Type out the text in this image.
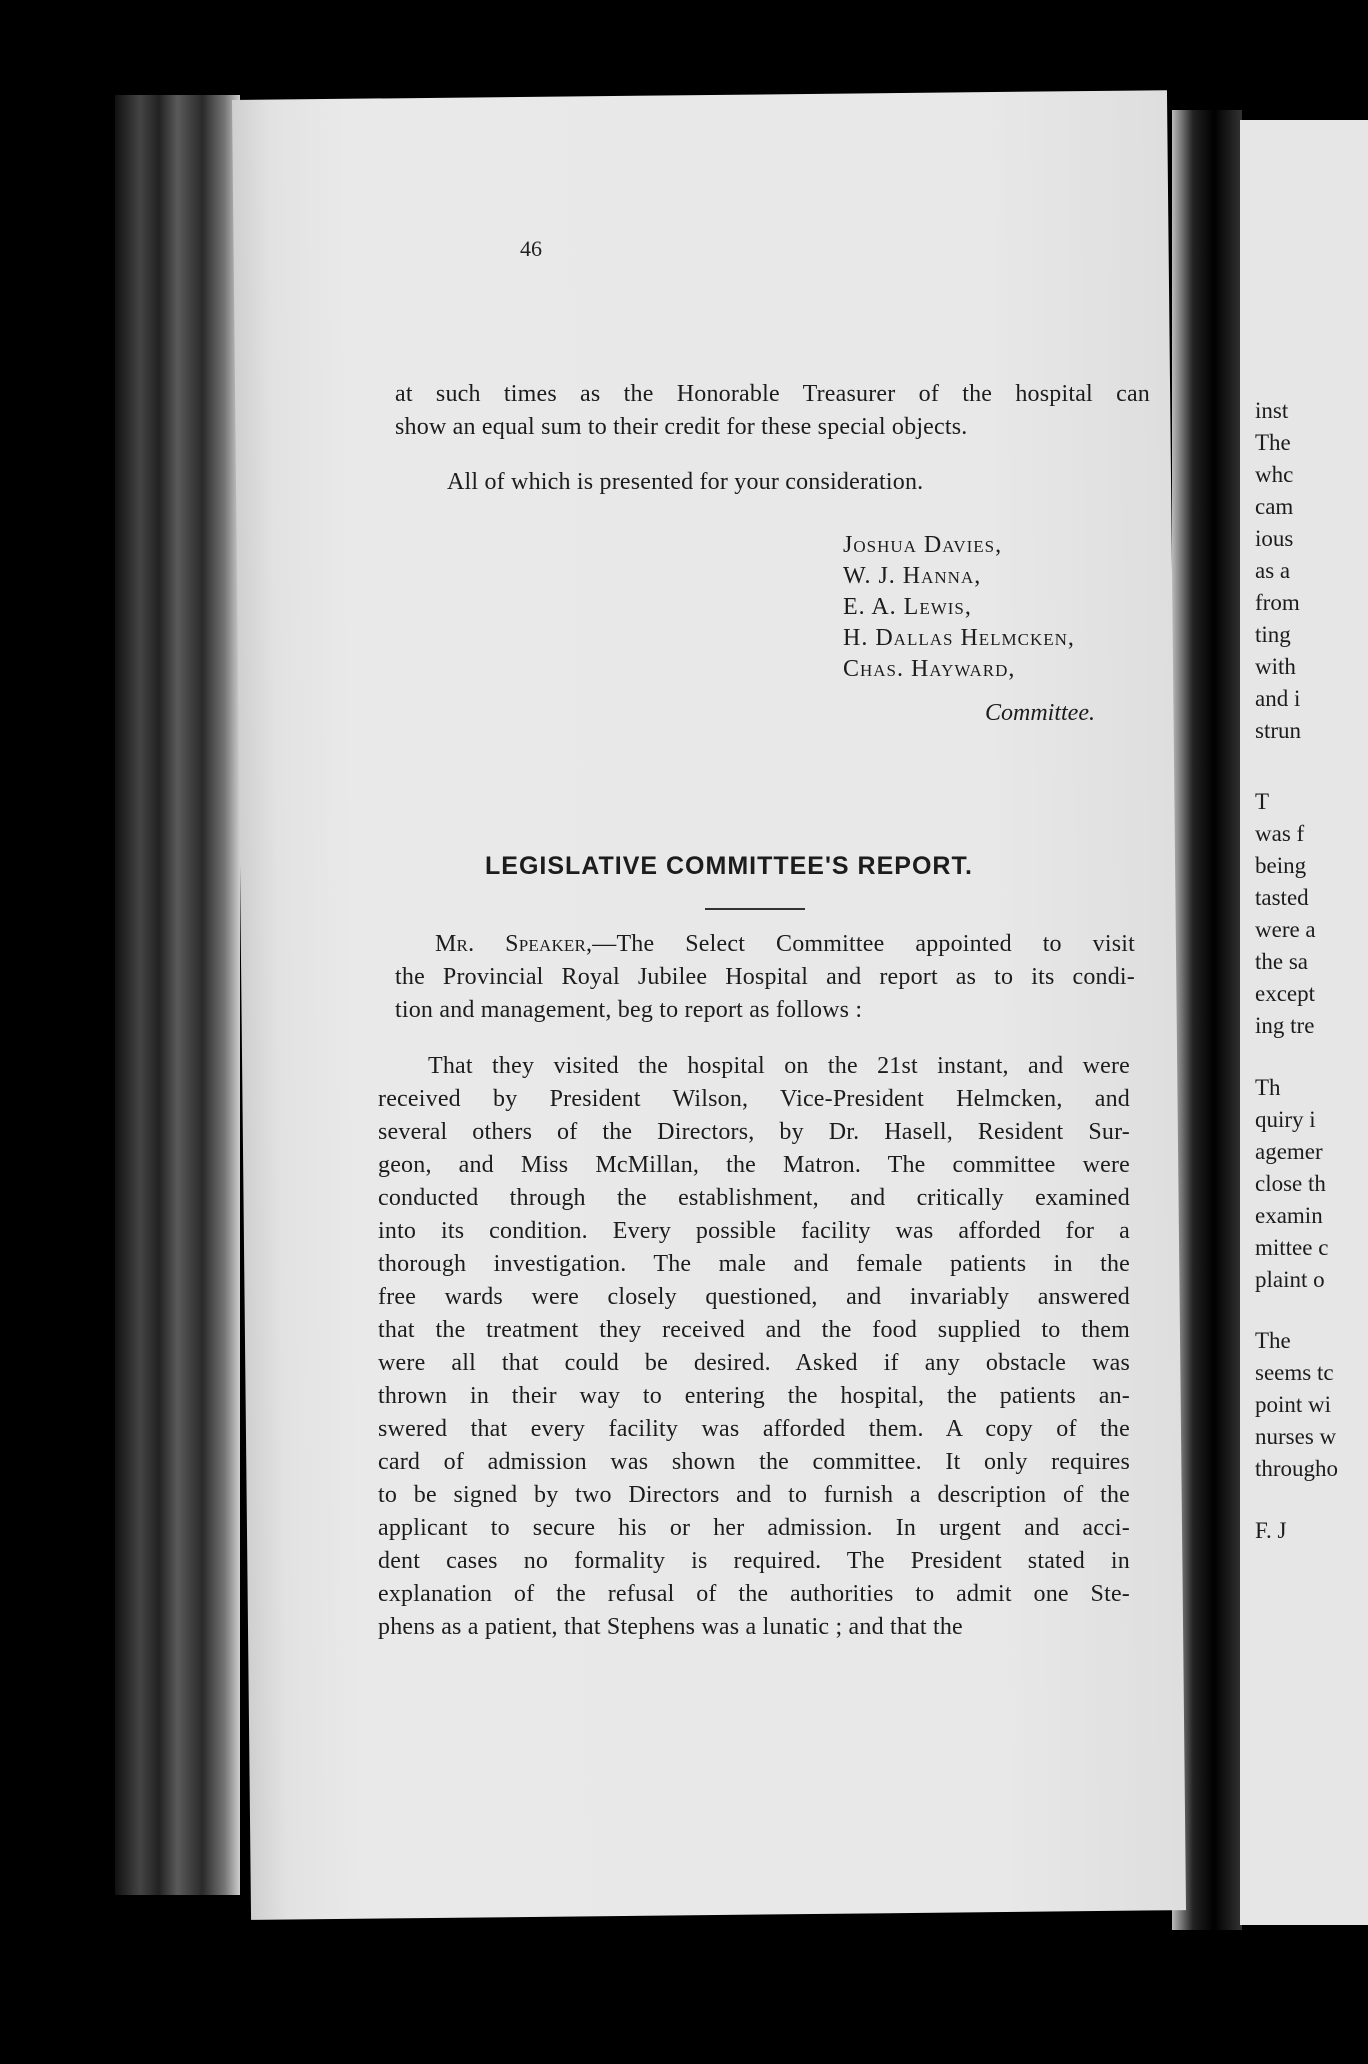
46
at such times as the Honorable Treasurer of the hospital can
show an equal sum to their credit for these special objects.
All of which is presented for your consideration.
Joshua Davies,
W. J. Hanna,
E. A. Lewis,
H. Dallas Helmcken,
Chas. Hayward,
Committee.
LEGISLATIVE COMMITTEE'S REPORT.
Mr. Speaker,—The Select Committee appointed to visit
the Provincial Royal Jubilee Hospital and report as to its condi-
tion and management, beg to report as follows :
That they visited the hospital on the 21st instant, and were
received by President Wilson, Vice-President Helmcken, and
several others of the Directors, by Dr. Hasell, Resident Sur-
geon, and Miss McMillan, the Matron. The committee were
conducted through the establishment, and critically examined
into its condition. Every possible facility was afforded for a
thorough investigation. The male and female patients in the
free wards were closely questioned, and invariably answered
that the treatment they received and the food supplied to them
were all that could be desired. Asked if any obstacle was
thrown in their way to entering the hospital, the patients an-
swered that every facility was afforded them. A copy of the
card of admission was shown the committee. It only requires
to be signed by two Directors and to furnish a description of the
applicant to secure his or her admission. In urgent and acci-
dent cases no formality is required. The President stated in
explanation of the refusal of the authorities to admit one Ste-
phens as a patient, that Stephens was a lunatic ; and that the
inst
The
whc
cam
ious
as a
from
ting
with
and i
strun
T
was f
being
tasted
were a
the sa
except
ing tre
Th
quiry i
agemer
close th
examin
mittee c
plaint o
The
seems tc
point wi
nurses w
througho
F. J
